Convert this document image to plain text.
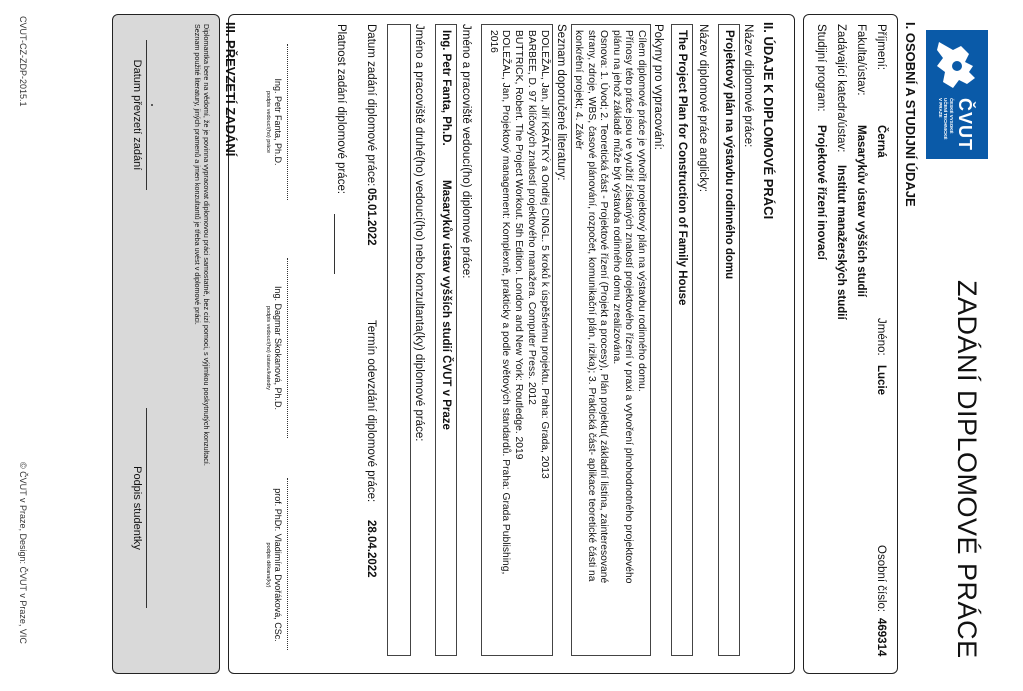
ČVUT
ČESKÉ VYSOKÉ
UČENÍ TECHNICKÉ
V PRAZE
ZADÁNÍ DIPLOMOVÉ PRÁCE
I. OSOBNÍ A STUDIJNÍ ÚDAJE
Příjmení:
Černá
Jméno:
Lucie
Osobní číslo:
469314
Fakulta/ústav:
Masarykův ústav vyšších studií
Zadávající katedra/ústav:
Institut manažerských studií
Studijní program:
Projektové řízení inovací
II. ÚDAJE K DIPLOMOVÉ PRÁCI
Název diplomové práce:
Projektový plán na výstavbu rodinného domu
Název diplomové práce anglicky:
The Project Plan for Construction of Family House
Pokyny pro vypracování:
Cílem diplomové práce je vytvořit projektový plán na výstavbu rodinného domu.
Přínosy této práce jsou ve využití získaných znalostí projektového řízení v praxi a vytvoření plnohodnotného projektového
plánu na jehož základě může být výstavba rodinného domu zrealizována.
Osnova: 1. Úvod; 2. Teoretická část - Projektové řízení (Projekt a procesy), Plán projektu( základní listina, zainteresované
strany, zdroje, WBS, časové plánování, rozpočet, komunikační plán, rizika); 3. Praktická část- aplikace teoretické části na
konkrétní projekt; 4. Závěr
Seznam doporučené literatury:
DOLEŽAL, Jan, Jiří KRÁTKÝ a Ondřej CINGL. 5 kroků k úspěšnému projektu. Praha: Grada, 2013
BARBEE, D. 97 klíčových znalostí projektového manažera. Computer Press. 2012
BUTTRICK, Robert. The Project Workout. 5th Edition. London and New York: Routledge. 2019
DOLEŽAL, Jan, Projektový management: Komplexně, prakticky a podle světových standardů. Praha: Grada Publishing,
2016
Jméno a pracoviště vedoucí(ho) diplomové práce:
Ing. Petr Fanta, Ph.D.
Masarykův ústav vyšších studií ČVUT v Praze
Jméno a pracoviště druhé(ho) vedoucí(ho) nebo konzultanta(ky) diplomové práce:
Datum zadání diplomové práce:
05.01.2022
Termín odevzdání diplomové práce:
28.04.2022
Platnost zadání diplomové práce:
Ing. Petr Fanta, Ph.D.
podpis vedoucí(ho) práce
Ing. Dagmar Skokanová, Ph.D.
podpis vedoucí(ho) ústavu/katedry
prof. PhDr. Vladimíra Dvořáková, CSc.
podpis děkana(ky)
III. PŘEVZETÍ ZADÁNÍ
Diplomantka bere na vědomí, že je povinna vypracovat diplomovou práci samostatně, bez cizí pomoci, s výjimkou poskytnutých konzultací.
Seznam použité literatury, jiných pramenů a jmen konzultantů je třeba uvést v diplomové práci.
Datum převzetí zadání
Podpis studentky
CVUT-CZ-ZDP-2015.1
© ČVUT v Praze, Design: ČVUT v Praze, VIC
